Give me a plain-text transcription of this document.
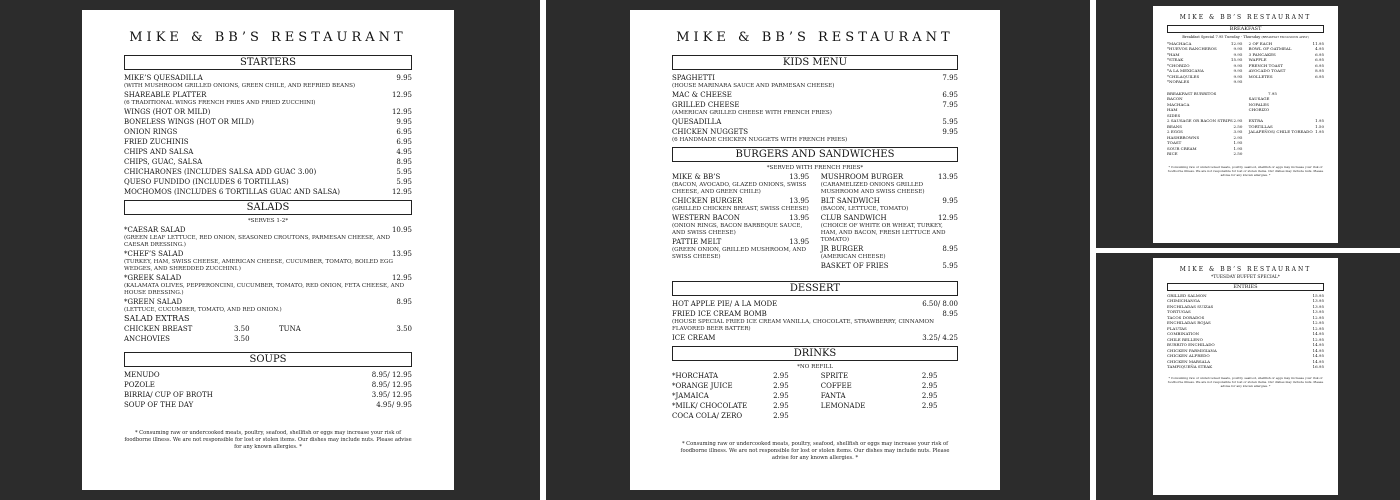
MIKE & BB’S RESTAURANT
STARTERS
MIKE’S QUESADILLA	9.95
(WITH MUSHROOM GRILLED ONIONS, GREEN CHILE, AND REFRIED BEANS)
SHAREABLE PLATTER	12.95
(6 TRADITIONAL WINGS FRENCH FRIES AND FRIED ZUCCHINI)
WINGS (HOT OR MILD)	12.95
BONELESS WINGS (HOT OR MILD)	9.95
ONION RINGS	6.95
FRIED ZUCHINIS	6.95
CHIPS AND SALSA	4.95
CHIPS, GUAC, SALSA	8.95
CHICHARONES (INCLUDES SALSA ADD GUAC 3.00)	5.95
QUESO FUNDIDO (INCLUDES 6 TORTILLAS)	5.95
MOCHOMOS (INCLUDES 6 TORTILLAS GUAC AND SALSA)	12.95
SALADS
*SERVES 1-2*
*CAESAR SALAD	10.95
(GREEN LEAF LETTUCE, RED ONION, SEASONED CROUTONS, PARMESAN CHEESE, AND CAESAR DRESSING.)
*CHEF’S SALAD	13.95
(TURKEY, HAM, SWISS CHEESE, AMERICAN CHEESE, CUCUMBER, TOMATO, BOILED EGG WEDGES, AND SHREDDED ZUCCHINI.)
*GREEK SALAD	12.95
(KALAMATA OLIVES, PEPPERONCINI, CUCUMBER, TOMATO, RED ONION, FETA CHEESE, AND HOUSE DRESSING.)
*GREEN SALAD	8.95
(LETTUCE, CUCUMBER, TOMATO, AND RED ONION.)
SALAD EXTRAS
CHICKEN BREAST	3.50	TUNA	3.50
ANCHOVIES	3.50
SOUPS
MENUDO	8.95/ 12.95
POZOLE	8.95/ 12.95
BIRRIA/ CUP OF BROTH	3.95/ 12.95
SOUP OF THE DAY	4.95/ 9.95
* Consuming raw or undercooked meats, poultry, seafood, shellfish or eggs may increase your risk of foodborne illness. We are not responsible for lost or stolen items. Our dishes may include nuts. Please advise for any known allergies. *
MIKE & BB’S RESTAURANT
KIDS MENU
SPAGHETTI	7.95
(HOUSE MARINARA SAUCE AND PARMESAN CHEESE)
MAC & CHEESE	6.95
GRILLED CHEESE	7.95
(AMERICAN GRILLED CHEESE WITH FRENCH FRIES)
QUESADILLA	5.95
CHICKEN NUGGETS	9.95
(6 HANDMADE CHICKEN NUGGETS WITH FRENCH FRIES)
BURGERS AND SANDWICHES
*SERVED WITH FRENCH FRIES*
MIKE & BB’S	13.95
(BACON, AVOCADO, GLAZED ONIONS, SWISS CHEESE, AND GREEN CHILE)
CHICKEN BURGER	13.95
(GRILLED CHICKEN BREAST, SWISS CHEESE)
WESTERN BACON	13.95
(ONION RINGS, BACON BARBEQUE SAUCE, AND SWISS CHEESE)
PATTIE MELT	13.95
(GREEN ONION, GRILLED MUSHROOM, AND SWISS CHEESE)
MUSHROOM BURGER	13.95
(CARAMELIZED ONIONS GRILLED MUSHROOM AND SWISS CHEESE)
BLT SANDWICH	9.95
(BACON, LETTUCE, TOMATO)
CLUB SANDWICH	12.95
(CHOICE OF WHITE OR WHEAT, TURKEY, HAM, AND BACON, FRESH LETTUCE AND TOMATO)
JR BURGER	8.95
(AMERICAN CHEESE)
BASKET OF FRIES	5.95
DESSERT
HOT APPLE PIE/ A LA MODE	6.50/ 8.00
FRIED ICE CREAM BOMB	8.95
(HOUSE SPECIAL FRIED ICE CREAM VANILLA, CHOCOLATE, STRAWBERRY, CINNAMON FLAVORED BEER BATTER)
ICE CREAM	3.25/ 4.25
DRINKS
*NO REFILL
*HORCHATA	2.95
*ORANGE JUICE	2.95
*JAMAICA	2.95
*MILK/ CHOCOLATE	2.95
COCA COLA/ ZERO	2.95
SPRITE	2.95
COFFEE	2.95
FANTA	2.95
LEMONADE	2.95
* Consuming raw or undercooked meats, poultry, seafood, shellfish or eggs may increase your risk of foodborne illness. We are not responsible for lost or stolen items. Our dishes may include nuts. Please advise for any known allergies. *
MIKE & BB’S RESTAURANT
BREAKFAST
Breakfast Special 7.95 Tuesday - Thursday (BREAKFAST EXCLUSIONS APPLY)
*MACHACA	12.95
*HUEVOS RANCHEROS	9.95
*HAM	9.95
*STEAK	15.95
*CHORIZO	9.95
*A LA MEXICANA	9.95
*CHILAQUILES	9.95
*NOPALES	9.95
2 OF EACH	11.95
BOWL OF OATMEAL	4.95
3 PANCAKES	6.95
WAFFLE	6.95
FRENCH TOAST	6.95
AVOCADO TOAST	8.95
MOLLETES	6.95
BREAKFAST BURRITOS	7.95
BACON
MACHACA
HAM
SAUSAGE
NOPALES
CHORIZO
SIDES
2 SAUSAGE OR BACON STRIPS 2.95
BEANS	2.50
2 EGGS	3.95
HASHBROWNS	2.95
TOAST	1.95
SOUR CREAM	1.95
RICE	2.50
EXTRA	1.95
TORTILLAS	1.50
JALAPEÑOS/ CHILE TOREADO 1.95
* Consuming raw or undercooked meats, poultry, seafood, shellfish or eggs may increase your risk of foodborne illness. We are not responsible for lost or stolen items. Our dishes may include nuts. Please advise for any known allergies. *
MIKE & BB’S RESTAURANT
*TUESDAY BUFFET SPECIAL*
ENTRIES
GRILLED SALMON	15.95
CHIMICHANGA	13.95
ENCHILADAS SUIZAS	13.95
TORTUGAS	13.95
TACOS DORADOS	12.95
ENCHILADAS ROJAS	12.95
FLAUTAS	12.95
COMBINATION	14.95
CHILE RELLENO	12.95
BURRITO ENCHILADO	14.95
CHICKEN PARMIGIANA	14.95
CHICKEN ALFREDO	14.95
CHICKEN MARSALA	14.95
TAMPIQUEÑA STEAK	16.95
* Consuming raw or undercooked meats, poultry, seafood, shellfish or eggs may increase your risk of foodborne illness. We are not responsible for lost or stolen items. Our dishes may include nuts. Please advise for any known allergies. *
